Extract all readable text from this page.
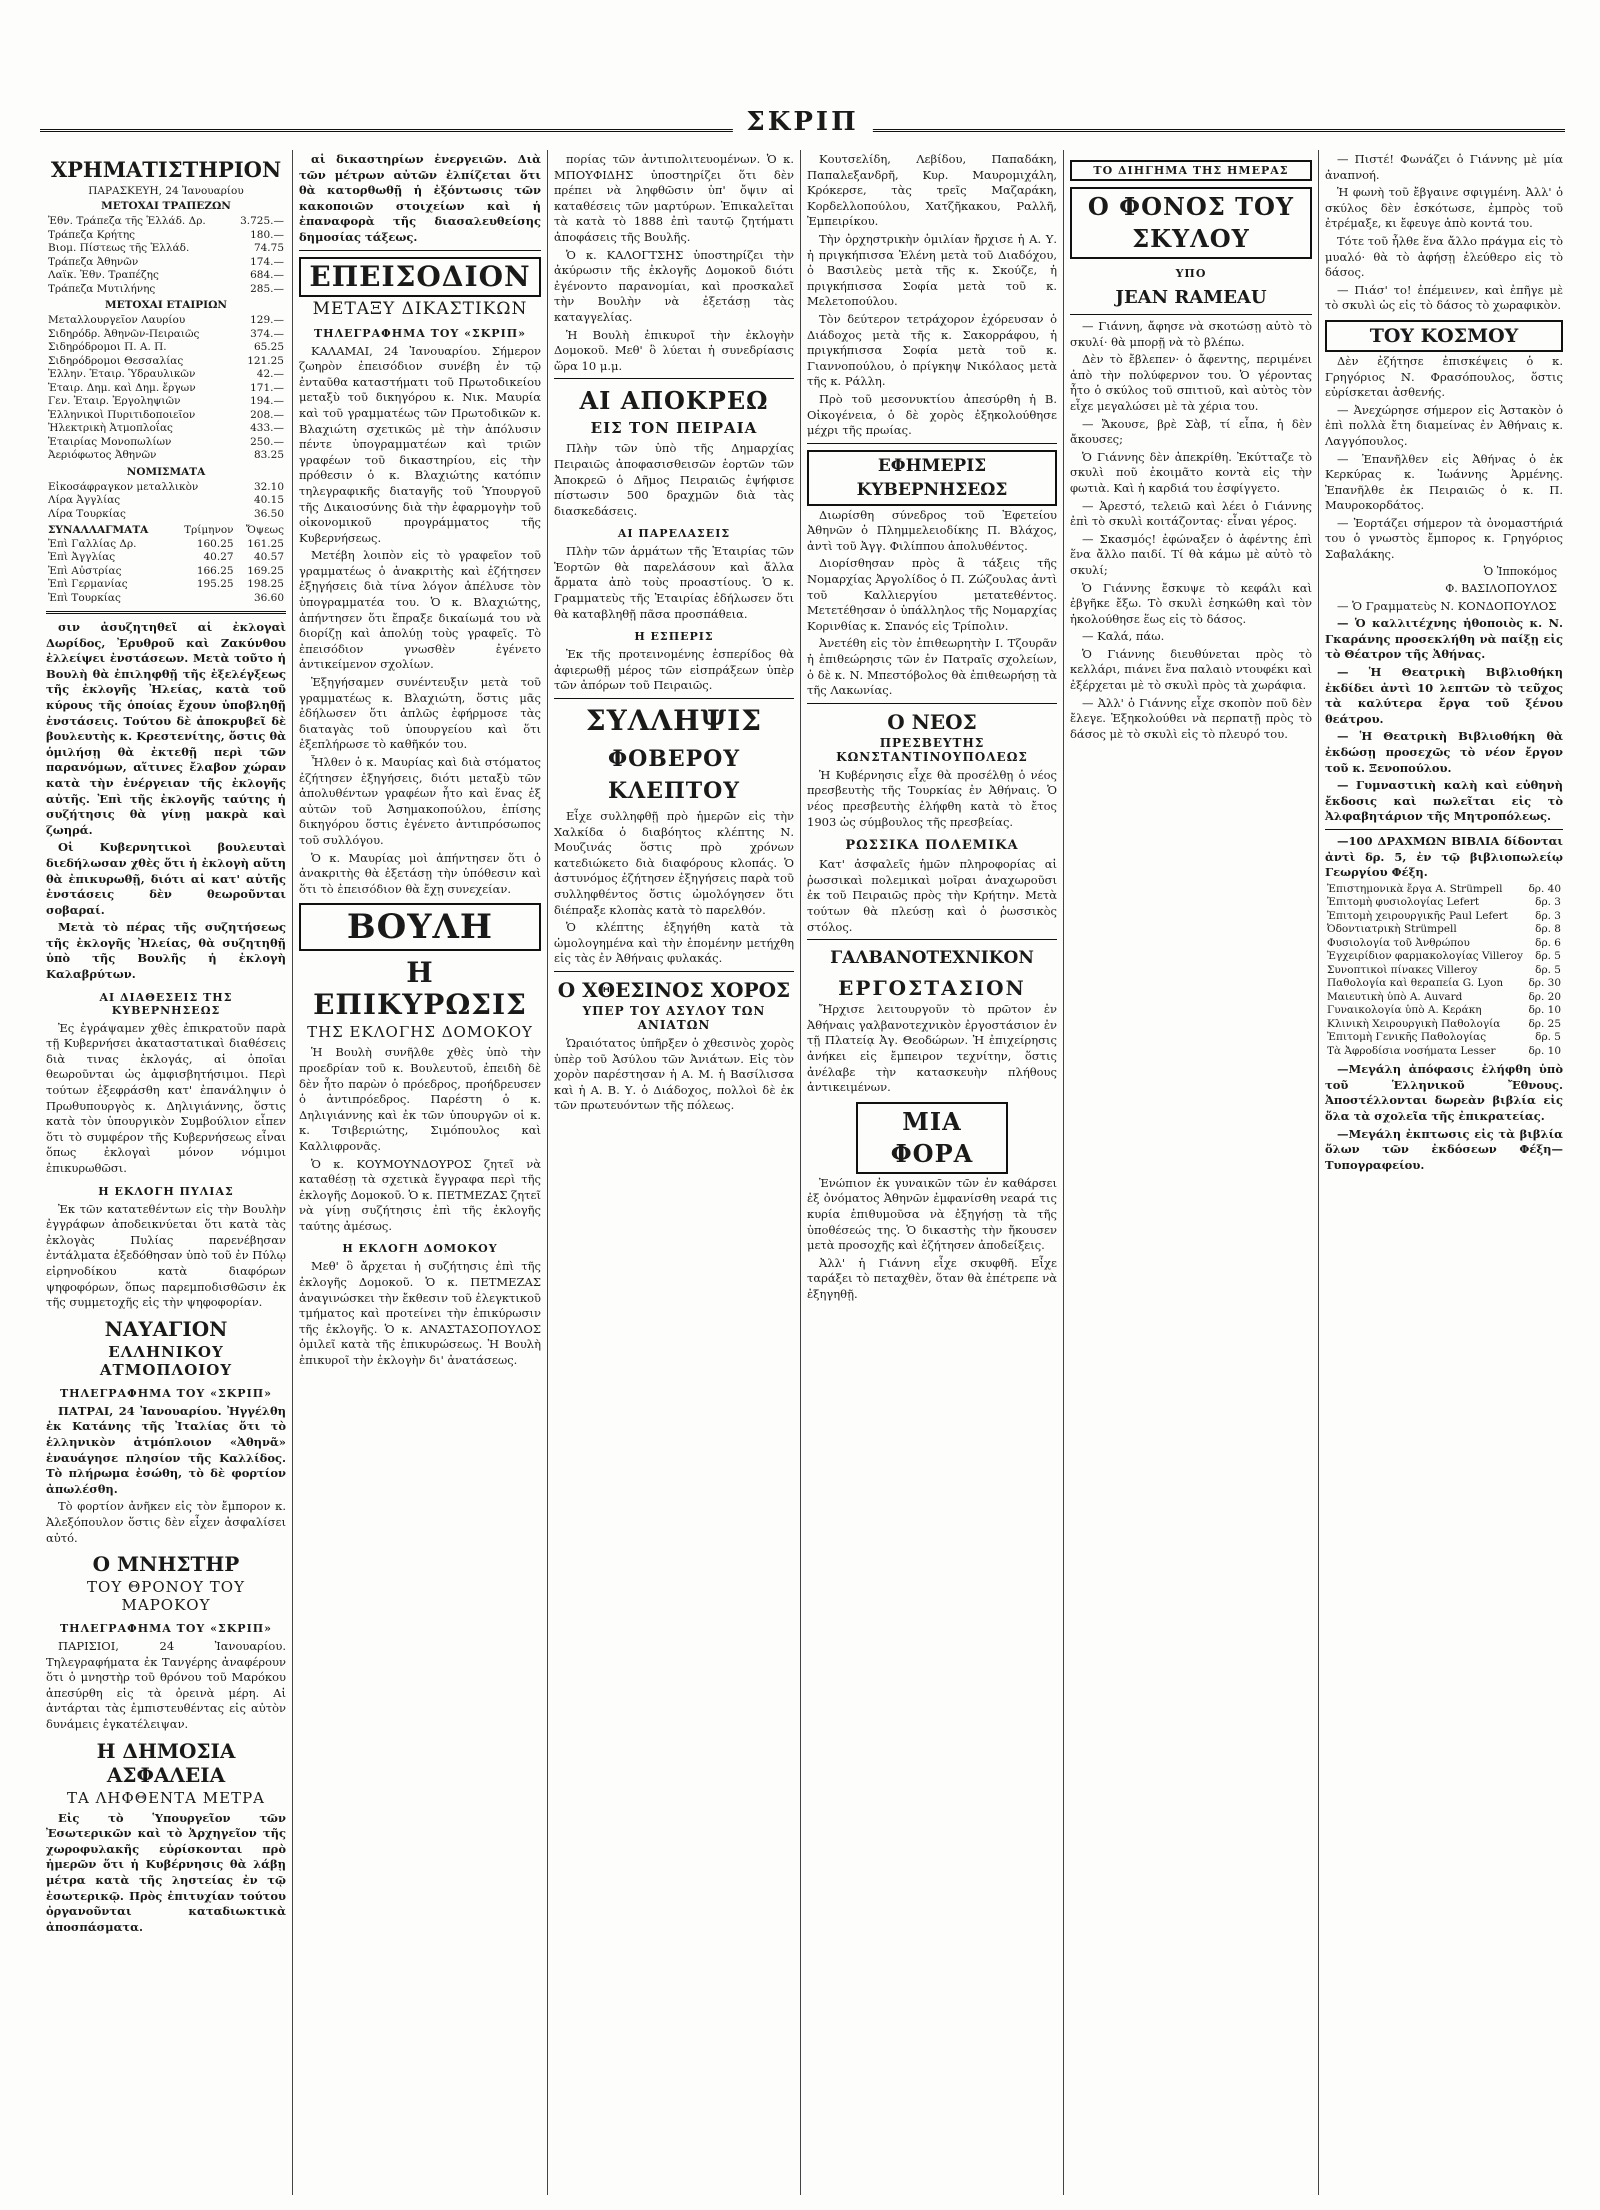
ΣΚΡΙΠ
ΧΡΗΜΑΤΙΣΤΗΡΙΟΝ
ΠΑΡΑΣΚΕΥΗ, 24 Ἰανουαρίου
ΜΕΤΟΧΑΙ ΤΡΑΠΕΖΩΝ
Ἐθν. Τράπεζα τῆς Ἑλλάδ. Δρ.	3.725.—
Τράπεζα Κρήτης	180.—
Βιομ. Πίστεως τῆς Ἑλλάδ.	74.75
Τράπεζα Ἀθηνῶν	174.—
Λαϊκ. Ἐθν. Τραπέζης	684.—
Τράπεζα Μυτιλήνης	285.—
ΜΕΤΟΧΑΙ ΕΤΑΙΡΙΩΝ
Μεταλλουργεῖον Λαυρίου	129.—
Σιδηρόδρ. Ἀθηνῶν-Πειραιῶς	374.—
Σιδηρόδρομοι Π. Α. Π.	65.25
Σιδηρόδρομοι Θεσσαλίας	121.25
Ἑλλην. Ἑταιρ. Ὑδραυλικῶν	42.—
Ἑταιρ. Δημ. καὶ Δημ. ἔργων	171.—
Γεν. Ἑταιρ. Ἐργοληψιῶν	194.—
Ἑλληνικοὶ Πυριτιδοποιεῖον	208.—
Ἠλεκτρικὴ Ἀτμοπλοΐας	433.—
Ἑταιρίας Μονοπωλίων	250.—
Ἀεριόφωτος Ἀθηνῶν	83.25
ΝΟΜΙΣΜΑΤΑ
Εἰκοσάφραγκον μεταλλικὸν	32.10
Λίρα Ἀγγλίας	40.15
Λίρα Τουρκίας	36.50
ΣΥΝΑΛΛΑΓΜΑΤΑ	Τρίμηνον	Ὄψεως
Ἐπὶ Γαλλίας Δρ.	160.25	161.25
Ἐπὶ Ἀγγλίας	40.27	40.57
Ἐπὶ Αὐστρίας	166.25	169.25
Ἐπὶ Γερμανίας	195.25	198.25
Ἐπὶ Τουρκίας		36.60

σιν ἀσυζητηθεῖ αἱ ἐκλογαὶ Δωρίδος, Ἐρυθροῦ καὶ Ζακύνθου ἐλλείψει ἐνστάσεων. Μετὰ τοῦτο ἡ Βουλὴ θὰ ἐπιληφθῇ τῆς ἐξελέγξεως τῆς ἐκλογῆς Ἠλείας, κατὰ τοῦ κύρους τῆς ὁποίας ἔχουν ὑποβληθῇ ἐνστάσεις. Τούτου δὲ ἀποκρυβεῖ δὲ βουλευτὴς κ. Κρεστενίτης, ὅστις θὰ ὁμιλήσῃ θὰ ἐκτεθῇ περὶ τῶν παρανόμων, αἵτινες ἔλαβον χώραν κατὰ τὴν ἐνέργειαν τῆς ἐκλογῆς αὐτῆς. Ἐπὶ τῆς ἐκλογῆς ταύτης ἡ συζήτησις θὰ γίνῃ μακρὰ καὶ ζωηρά.

Οἱ Κυβερνητικοὶ βουλευταὶ διεδήλωσαν χθὲς ὅτι ἡ ἐκλογὴ αὕτη θὰ ἐπικυρωθῇ, διότι αἱ κατ' αὐτῆς ἐνστάσεις δὲν θεωροῦνται σοβαραί.

Μετὰ τὸ πέρας τῆς συζητήσεως τῆς ἐκλογῆς Ἠλείας, θὰ συζητηθῇ ὑπὸ τῆς Βουλῆς ἡ ἐκλογὴ Καλαβρύτων.

ΑΙ ΔΙΑΘΕΣΕΙΣ ΤΗΣ ΚΥΒΕΡΝΗΣΕΩΣ

Ἐς ἐγράψαμεν χθὲς ἐπικρατοῦν παρὰ τῇ Κυβερνήσει ἀκαταστατικαὶ διαθέσεις διὰ τινας ἐκλογάς, αἱ ὁποῖαι θεωροῦνται ὡς ἀμφισβητήσιμοι. Περὶ τούτων ἐξεφράσθη κατ' ἐπανάληψιν ὁ Πρωθυπουργὸς κ. Δηλιγιάννης, ὅστις κατὰ τὸν ὑπουργικὸν Συμβούλιον εἶπεν ὅτι τὸ συμφέρον τῆς Κυβερνήσεως εἶναι ὅπως ἐκλογαὶ μόνον νόμιμοι ἐπικυρωθῶσι.

Η ΕΚΛΟΓΗ ΠΥΛΙΑΣ

Ἐκ τῶν κατατεθέντων εἰς τὴν Βουλὴν ἐγγράφων ἀποδεικνύεται ὅτι κατὰ τὰς ἐκλογὰς Πυλίας παρενέβησαν ἐντάλματα ἐξεδόθησαν ὑπὸ τοῦ ἐν Πύλῳ εἰρηνοδίκου κατὰ διαφόρων ψηφοφόρων, ὅπως παρεμποδισθῶσιν ἐκ τῆς συμμετοχῆς εἰς τὴν ψηφοφορίαν.

ΝΑΥΑΓΙΟΝ
ΕΛΛΗΝΙΚΟΥ ΑΤΜΟΠΛΟΙΟΥ
ΤΗΛΕΓΡΑΦΗΜΑ ΤΟΥ «ΣΚΡΙΠ»

ΠΑΤΡΑΙ, 24 Ἰανουαρίου. Ἠγγέλθη ἐκ Κατάνης τῆς Ἰταλίας ὅτι τὸ ἑλληνικὸν ἀτμόπλοιον «Ἀθηνᾶ» ἐναυάγησε πλησίον τῆς Καλλίδος. Τὸ πλήρωμα ἐσώθη, τὸ δὲ φορτίον ἀπωλέσθη.

Τὸ φορτίον ἀνῆκεν εἰς τὸν ἔμπορον κ. Ἀλεξόπουλον ὅστις δὲν εἶχεν ἀσφαλίσει αὐτό.

Ο ΜΝΗΣΤΗΡ
ΤΟΥ ΘΡΟΝΟΥ ΤΟΥ ΜΑΡΟΚΟΥ
ΤΗΛΕΓΡΑΦΗΜΑ ΤΟΥ «ΣΚΡΙΠ»

ΠΑΡΙΣΙΟΙ, 24 Ἰανουαρίου. Τηλεγραφήματα ἐκ Τανγέρης ἀναφέρουν ὅτι ὁ μνηστὴρ τοῦ θρόνου τοῦ Μαρόκου ἀπεσύρθη εἰς τὰ ὀρεινὰ μέρη. Αἱ ἀντάρται τὰς ἐμπιστευθέντας εἰς αὐτὸν δυνάμεις ἐγκατέλειψαν.

Η ΔΗΜΟΣΙΑ ΑΣΦΑΛΕΙΑ
ΤΑ ΛΗΦΘΕΝΤΑ ΜΕΤΡΑ

Εἰς τὸ Ὑπουργεῖον τῶν Ἐσωτερικῶν καὶ τὸ Ἀρχηγεῖον τῆς χωροφυλακῆς εὑρίσκονται πρὸ ἡμερῶν ὅτι ἡ Κυβέρνησις θὰ λάβῃ μέτρα κατὰ τῆς ληστείας ἐν τῷ ἐσωτερικῷ. Πρὸς ἐπιτυχίαν τούτου ὀργανοῦνται καταδιωκτικὰ ἀποσπάσματα.

αἱ δικαστηρίων ἐνεργειῶν. Διὰ τῶν μέτρων αὐτῶν ἐλπίζεται ὅτι θὰ κατορθωθῇ ἡ ἐξόντωσις τῶν κακοποιῶν στοιχείων καὶ ἡ ἐπαναφορὰ τῆς διασαλευθείσης δημοσίας τάξεως.

ΕΠΕΙΣΟΔΙΟΝ
ΜΕΤΑΞΥ ΔΙΚΑΣΤΙΚΩΝ
ΤΗΛΕΓΡΑΦΗΜΑ ΤΟΥ «ΣΚΡΙΠ»

ΚΑΛΑΜΑΙ, 24 Ἰανουαρίου. Σήμερον ζωηρὸν ἐπεισόδιον συνέβη ἐν τῷ ἐνταῦθα καταστήματι τοῦ Πρωτοδικείου μεταξὺ τοῦ δικηγόρου κ. Νικ. Μαυρία καὶ τοῦ γραμματέως τῶν Πρωτοδικῶν κ. Βλαχιώτη σχετικῶς μὲ τὴν ἀπόλυσιν πέντε ὑπογραμματέων καὶ τριῶν γραφέων τοῦ δικαστηρίου, εἰς τὴν πρόθεσιν ὁ κ. Βλαχιώτης κατόπιν τηλεγραφικῆς διαταγῆς τοῦ Ὑπουργοῦ τῆς Δικαιοσύνης διὰ τὴν ἐφαρμογὴν τοῦ οἰκονομικοῦ προγράμματος τῆς Κυβερνήσεως.

Μετέβη λοιπὸν εἰς τὸ γραφεῖον τοῦ γραμματέως ὁ ἀνακριτὴς καὶ ἐζήτησεν ἐξηγήσεις διὰ τίνα λόγον ἀπέλυσε τὸν ὑπογραμματέα του. Ὁ κ. Βλαχιώτης, ἀπήντησεν ὅτι ἔπραξε δικαίωμά του νὰ διορίζῃ καὶ ἀπολύῃ τοὺς γραφεῖς. Τὸ ἐπεισόδιον γνωσθὲν ἐγένετο ἀντικείμενον σχολίων.

Ἐξηγήσαμεν συνέντευξιν μετὰ τοῦ γραμματέως κ. Βλαχιώτη, ὅστις μᾶς ἐδήλωσεν ὅτι ἀπλῶς ἐφήρμοσε τὰς διαταγὰς τοῦ ὑπουργείου καὶ ὅτι ἐξεπλήρωσε τὸ καθῆκόν του.

Ἦλθεν ὁ κ. Μαυρίας καὶ διὰ στόματος ἐζήτησεν ἐξηγήσεις, διότι μεταξὺ τῶν ἀπολυθέντων γραφέων ἦτο καὶ ἕνας ἐξ αὐτῶν τοῦ Ἀσημακοπούλου, ἐπίσης δικηγόρου ὅστις ἐγένετο ἀντιπρόσωπος τοῦ συλλόγου.

Ὁ κ. Μαυρίας μοὶ ἀπήντησεν ὅτι ὁ ἀνακριτὴς θὰ ἐξετάσῃ τὴν ὑπόθεσιν καὶ ὅτι τὸ ἐπεισόδιον θὰ ἔχῃ συνεχείαν.

ΒΟΥΛΗ
Η ΕΠΙΚΥΡΩΣΙΣ
ΤΗΣ ΕΚΛΟΓΗΣ ΔΟΜΟΚΟΥ

Ἡ Βουλὴ συνῆλθε χθὲς ὑπὸ τὴν προεδρίαν τοῦ κ. Βουλευτοῦ, ἐπειδὴ δὲ δὲν ἦτο παρὼν ὁ πρόεδρος, προήδρευσεν ὁ ἀντιπρόεδρος. Παρέστη ὁ κ. Δηλιγιάννης καὶ ἐκ τῶν ὑπουργῶν οἱ κ. κ. Τσιβεριώτης, Σιμόπουλος καὶ Καλλιφρονᾶς.

Ὁ κ. ΚΟΥΜΟΥΝΔΟΥΡΟΣ ζητεῖ νὰ καταθέσῃ τὰ σχετικὰ ἔγγραφα περὶ τῆς ἐκλογῆς Δομοκοῦ. Ὁ κ. ΠΕΤΜΕΖΑΣ ζητεῖ νὰ γίνῃ συζήτησις ἐπὶ τῆς ἐκλογῆς ταύτης ἀμέσως.

Η ΕΚΛΟΓΗ ΔΟΜΟΚΟΥ

Μεθ' ὃ ἄρχεται ἡ συζήτησις ἐπὶ τῆς ἐκλογῆς Δομοκοῦ. Ὁ κ. ΠΕΤΜΕΖΑΣ ἀναγινώσκει τὴν ἔκθεσιν τοῦ ἐλεγκτικοῦ τμήματος καὶ προτείνει τὴν ἐπικύρωσιν τῆς ἐκλογῆς. Ὁ κ. ΑΝΑΣΤΑΣΟΠΟΥΛΟΣ ὁμιλεῖ κατὰ τῆς ἐπικυρώσεως. Ἡ Βουλὴ ἐπικυροῖ τὴν ἐκλογὴν δι' ἀνατάσεως.

πορίας τῶν ἀντιπολιτευομένων. Ὁ κ. ΜΠΟΥΦΙΔΗΣ ὑποστηρίζει ὅτι δὲν πρέπει νὰ ληφθῶσιν ὑπ' ὄψιν αἱ καταθέσεις τῶν μαρτύρων. Ἐπικαλεῖται τὰ κατὰ τὸ 1888 ἐπὶ ταυτῷ ζητήματι ἀποφάσεις τῆς Βουλῆς.

Ὁ κ. ΚΑΛΟΓΤΣΗΣ ὑποστηρίζει τὴν ἀκύρωσιν τῆς ἐκλογῆς Δομοκοῦ διότι ἐγένοντο παρανομίαι, καὶ προσκαλεῖ τὴν Βουλὴν νὰ ἐξετάσῃ τὰς καταγγελίας.

Ἡ Βουλὴ ἐπικυροῖ τὴν ἐκλογὴν Δομοκοῦ. Μεθ' ὃ λύεται ἡ συνεδρίασις ὥρα 10 μ.μ.

ΑΙ ΑΠΟΚΡΕΩ
ΕΙΣ ΤΟΝ ΠΕΙΡΑΙΑ

Πλὴν τῶν ὑπὸ τῆς Δημαρχίας Πειραιῶς ἀποφασισθεισῶν ἑορτῶν τῶν Ἀποκρεῶ ὁ Δῆμος Πειραιῶς ἐψήφισε πίστωσιν 500 δραχμῶν διὰ τὰς διασκεδάσεις.

ΑΙ ΠΑΡΕΛΑΣΕΙΣ

Πλὴν τῶν ἁρμάτων τῆς Ἑταιρίας τῶν Ἑορτῶν θὰ παρελάσουν καὶ ἄλλα ἄρματα ἀπὸ τοὺς προαστίους. Ὁ κ. Γραμματεὺς τῆς Ἑταιρίας ἐδήλωσεν ὅτι θὰ καταβληθῇ πᾶσα προσπάθεια.

Η ΕΣΠΕΡΙΣ

Ἐκ τῆς προτεινομένης ἑσπερίδος θὰ ἀφιερωθῇ μέρος τῶν εἰσπράξεων ὑπὲρ τῶν ἀπόρων τοῦ Πειραιῶς.

ΣΥΛΛΗΨΙΣ
ΦΟΒΕΡΟΥ ΚΛΕΠΤΟΥ

Εἶχε συλληφθῇ πρὸ ἡμερῶν εἰς τὴν Χαλκίδα ὁ διαβόητος κλέπτης Ν. Μουζινάς ὅστις πρὸ χρόνων κατεδιώκετο διὰ διαφόρους κλοπάς. Ὁ ἀστυνόμος ἐζήτησεν ἐξηγήσεις παρὰ τοῦ συλληφθέντος ὅστις ὡμολόγησεν ὅτι διέπραξε κλοπὰς κατὰ τὸ παρελθόν.

Ὁ κλέπτης ἐξηγήθη κατὰ τὰ ὡμολογημένα καὶ τὴν ἑπομένην μετήχθη εἰς τὰς ἐν Ἀθήναις φυλακάς.

Ο ΧΘΕΣΙΝΟΣ ΧΟΡΟΣ
ΥΠΕΡ ΤΟΥ ΑΣΥΛΟΥ ΤΩΝ ΑΝΙΑΤΩΝ

Ὡραιότατος ὑπῆρξεν ὁ χθεσινὸς χορὸς ὑπὲρ τοῦ Ἀσύλου τῶν Ἀνιάτων. Εἰς τὸν χορὸν παρέστησαν ἡ Α. Μ. ἡ Βασίλισσα καὶ ἡ Α. Β. Υ. ὁ Διάδοχος, πολλοὶ δὲ ἐκ τῶν πρωτευόντων τῆς πόλεως.

Κουτσελίδη, Λεβίδου, Παπαδάκη, Παπαλεξανδρῆ, Κυρ. Μαυρομιχάλη, Κρόκερσε, τὰς τρεῖς Μαζαράκη, Κορδελλοπούλου, Χατζῆκακου, Ραλλῆ, Ἐμπειρίκου.

Τὴν ὀρχηστρικὴν ὁμιλίαν ἤρχισε ἡ Α. Υ. ἡ πριγκήπισσα Ἑλένη μετὰ τοῦ Διαδόχου, ὁ Βασιλεὺς μετὰ τῆς κ. Σκούζε, ἡ πριγκήπισσα Σοφία μετὰ τοῦ κ. Μελετοπούλου.

Τὸν δεύτερον τετράχορον ἐχόρευσαν ὁ Διάδοχος μετὰ τῆς κ. Σακορράφου, ἡ πριγκήπισσα Σοφία μετὰ τοῦ κ. Γιαννοπούλου, ὁ πρίγκηψ Νικόλαος μετὰ τῆς κ. Ράλλη.

Πρὸ τοῦ μεσονυκτίου ἀπεσύρθη ἡ Β. Οἰκογένεια, ὁ δὲ χορὸς ἐξηκολούθησε μέχρι τῆς πρωίας.

ΕΦΗΜΕΡΙΣ ΚΥΒΕΡΝΗΣΕΩΣ

Διωρίσθη σύνεδρος τοῦ Ἐφετείου Ἀθηνῶν ὁ Πλημμελειοδίκης Π. Βλάχος, ἀντὶ τοῦ Ἀγγ. Φιλίππου ἀπολυθέντος.

Διορίσθησαν πρὸς ἃ τάξεις τῆς Νομαρχίας Ἀργολίδος ὁ Π. Ζώζουλας ἀντὶ τοῦ Καλλιεργίου μετατεθέντος. Μετετέθησαν ὁ ὑπάλληλος τῆς Νομαρχίας Κορινθίας κ. Σπανός εἰς Τρίπολιν.

Ἀνετέθη εἰς τὸν ἐπιθεωρητὴν Ι. Τζουρᾶν ἡ ἐπιθεώρησις τῶν ἐν Πατραῖς σχολείων, ὁ δὲ κ. Ν. Μπεστόβολος θὰ ἐπιθεωρήσῃ τὰ τῆς Λακωνίας.

Ο ΝΕΟΣ
ΠΡΕΣΒΕΥΤΗΣ ΚΩΝΣΤΑΝΤΙΝΟΥΠΟΛΕΩΣ

Ἡ Κυβέρνησις εἶχε θὰ προσέλθῃ ὁ νέος πρεσβευτὴς τῆς Τουρκίας ἐν Ἀθήναις. Ὁ νέος πρεσβευτὴς ἐλήφθη κατὰ τὸ ἔτος 1903 ὡς σύμβουλος τῆς πρεσβείας.

ΡΩΣΣΙΚΑ ΠΟΛΕΜΙΚΑ

Κατ' ἀσφαλεῖς ἡμῶν πληροφορίας αἱ ῥωσσικαὶ πολεμικαὶ μοῖραι ἀναχωροῦσι ἐκ τοῦ Πειραιῶς πρὸς τὴν Κρήτην. Μετὰ τούτων θὰ πλεύσῃ καὶ ὁ ῥωσσικὸς στόλος.

ΓΑΛΒΑΝΟΤΕΧΝΙΚΟΝ
ΕΡΓΟΣΤΑΣΙΟΝ

Ἤρχισε λειτουργοῦν τὸ πρῶτον ἐν Ἀθήναις γαλβανοτεχνικὸν ἐργοστάσιον ἐν τῇ Πλατείᾳ Ἀγ. Θεοδώρων. Ἡ ἐπιχείρησις ἀνήκει εἰς ἔμπειρον τεχνίτην, ὅστις ἀνέλαβε τὴν κατασκευὴν πλήθους ἀντικειμένων.

ΜΙΑ ΦΟΡΑ

Ἐνώπιον ἐκ γυναικῶν τῶν ἐν καθάρσει ἐξ ὀνόματος Ἀθηνῶν ἐμφανίσθη νεαρά τις κυρία ἐπιθυμοῦσα νὰ ἐξηγήσῃ τὰ τῆς ὑποθέσεώς της. Ὁ δικαστὴς τὴν ἤκουσεν μετὰ προσοχῆς καὶ ἐζήτησεν ἀποδείξεις.

Ἀλλ' ἡ Γιάννη εἶχε σκυφθῆ. Εἶχε ταράξει τὸ πεταχθὲν, ὅταν θὰ ἐπέτρεπε νὰ ἐξηγηθῇ.

ΤΟ ΔΙΗΓΗΜΑ ΤΗΣ ΗΜΕΡΑΣ
Ο ΦΟΝΟΣ ΤΟΥ ΣΚΥΛΟΥ
ΥΠΟ
JEAN RAMEAU

— Γιάννη, ἄφησε νὰ σκοτώσῃ αὐτὸ τὸ σκυλί· θὰ μπορῇ νὰ τὸ βλέπω.

Δὲν τὸ ἔβλεπεν· ὁ ἄφεντης, περιμένει ἀπὸ τὴν πολύφερνον του. Ὁ γέροντας ἦτο ὁ σκύλος τοῦ σπιτιοῦ, καὶ αὐτὸς τὸν εἶχε μεγαλώσει μὲ τὰ χέρια του.

— Ἄκουσε, βρὲ Σὰβ, τί εἶπα, ἡ δὲν ἄκουσες;

Ὁ Γιάννης δὲν ἀπεκρίθη. Ἐκύτταζε τὸ σκυλὶ ποῦ ἐκοιμᾶτο κοντὰ εἰς τὴν φωτιὰ. Καὶ ἡ καρδιά του ἐσφίγγετο.

— Ἀρεστό, τελειῶ καὶ λέει ὁ Γιάννης ἐπὶ τὸ σκυλὶ κοιτάζοντας· εἶναι γέρος.

— Σκασμός! ἐφώναξεν ὁ ἀφέντης ἐπὶ ἕνα ἄλλο παιδί. Τί θὰ κάμω μὲ αὐτὸ τὸ σκυλί;

Ὁ Γιάννης ἔσκυψε τὸ κεφάλι καὶ ἐβγῆκε ἔξω. Τὸ σκυλὶ ἐσηκώθη καὶ τὸν ἠκολούθησε ἕως εἰς τὸ δάσος.

— Καλά, πάω.

Ὁ Γιάννης διευθύνεται πρὸς τὸ κελλάρι, πιάνει ἕνα παλαιὸ ντουφέκι καὶ ἐξέρχεται μὲ τὸ σκυλὶ πρὸς τὰ χωράφια.

— Ἀλλ' ὁ Γιάννης εἶχε σκοπὸν ποῦ δὲν ἔλεγε. Ἐξηκολούθει νὰ περπατῇ πρὸς τὸ δάσος μὲ τὸ σκυλὶ εἰς τὸ πλευρό του.

— Πιστέ! Φωνάζει ὁ Γιάννης μὲ μία ἀναπνοή.

Ἡ φωνὴ τοῦ ἔβγαινε σφιγμένη. Ἀλλ' ὁ σκύλος δὲν ἐσκότωσε, ἐμπρὸς τοῦ ἐτρέμαξε, κι ἔφευγε ἀπὸ κοντά του.

Τότε τοῦ ἦλθε ἕνα ἄλλο πράγμα εἰς τὸ μυαλό· θὰ τὸ ἀφήσῃ ἐλεύθερο εἰς τὸ δάσος.

— Πιάσ' το! ἐπέμεινεν, καὶ ἐπῆγε μὲ τὸ σκυλὶ ὡς εἰς τὸ δάσος τὸ χωραφικὸν.

ΤΟΥ ΚΟΣΜΟΥ

Δὲν ἐζήτησε ἐπισκέψεις ὁ κ. Γρηγόριος Ν. Φρασόπουλος, ὅστις εὑρίσκεται ἀσθενής.

— Ἀνεχώρησε σήμερον εἰς Ἀστακὸν ὁ ἐπὶ πολλὰ ἔτη διαμείνας ἐν Ἀθήναις κ. Λαγγόπουλος.

— Ἐπανῆλθεν εἰς Ἀθήνας ὁ ἐκ Κερκύρας κ. Ἰωάννης Ἀρμένης. Ἐπανῆλθε ἐκ Πειραιῶς ὁ κ. Π. Μαυροκορδάτος.

— Ἑορτάζει σήμερον τὰ ὀνομαστήριά του ὁ γνωστὸς ἔμπορος κ. Γρηγόριος Σαβαλάκης.

Ὁ Ἰπποκόμος
Φ. ΒΑΣΙΛΟΠΟΥΛΟΣ

— Ὁ Γραμματεὺς Ν. ΚΟΝΔΟΠΟΥΛΟΣ

— Ὁ καλλιτέχνης ἡθοποιὸς κ. Ν. Γκαράνης προσεκλήθη νὰ παίξῃ εἰς τὸ Θέατρον τῆς Ἀθήνας.

— Ἡ Θεατρικὴ Βιβλιοθήκη ἐκδίδει ἀντὶ 10 λεπτῶν τὸ τεῦχος τὰ καλύτερα ἔργα τοῦ ξένου θεάτρου.

— Ἡ Θεατρικὴ Βιβλιοθήκη θὰ ἐκδώσῃ προσεχῶς τὸ νέον ἔργον τοῦ κ. Ξενοπούλου.

— Γυμναστικὴ καλὴ καὶ εὐθηνὴ ἔκδοσις καὶ πωλεῖται εἰς τὸ Ἀλφαβητάριον τῆς Μητροπόλεως.

—100 ΔΡΑΧΜΩΝ ΒΙΒΛΙΑ δίδονται ἀντὶ δρ. 5, ἐν τῷ βιβλιοπωλείῳ Γεωργίου Φέξη.

Ἐπιστημονικὰ ἔργα Α. Strümpell	δρ. 40
Ἐπιτομὴ φυσιολογίας Lefert	δρ. 3
Ἐπιτομὴ χειρουργικῆς Paul Lefert	δρ. 3
Ὀδοντιατρικὴ Strümpell	δρ. 8
Φυσιολογία τοῦ Ἀνθρώπου	δρ. 6
Ἐγχειρίδιον φαρμακολογίας Villeroy	δρ. 5
Συνοπτικοὶ πίνακες Villeroy	δρ. 5
Παθολογία καὶ θεραπεία G. Lyon	δρ. 30
Μαιευτικὴ ὑπὸ Α. Auvard	δρ. 20
Γυναικολογία ὑπὸ Α. Κεράκη	δρ. 10
Κλινικὴ Χειρουργικὴ Παθολογία	δρ. 25
Ἐπιτομὴ Γενικῆς Παθολογίας	δρ. 5
Τὰ Ἀφροδίσια νοσήματα Lesser	δρ. 10

—Μεγάλη ἀπόφασις ἐλήφθη ὑπὸ τοῦ Ἑλληνικοῦ Ἔθνους. Ἀποστέλλονται δωρεὰν βιβλία εἰς ὅλα τὰ σχολεῖα τῆς ἐπικρατείας.

—Μεγάλη ἐκπτωσις εἰς τὰ βιβλία ὅλων τῶν ἐκδόσεων Φέξη—Τυπογραφείου.
